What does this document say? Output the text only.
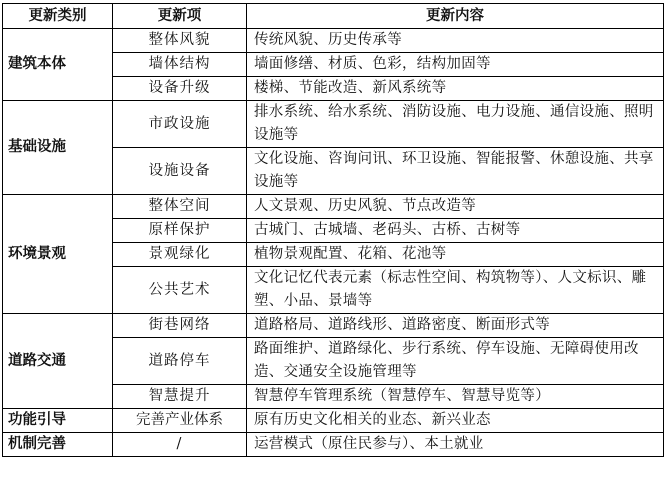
更新类别	更新项	更新内容
建筑本体	整体风貌	传统风貌、历史传承等
	墙体结构	墙面修缮、材质、色彩，结构加固等
	设备升级	楼梯、节能改造、新风系统等
基础设施	市政设施	排水系统、给水系统、消防设施、电力设施、通信设施、照明设施等
	设施设备	文化设施、咨询问讯、环卫设施、智能报警、休憩设施、共享设施等
环境景观	整体空间	人文景观、历史风貌、节点改造等
	原样保护	古城门、古城墙、老码头、古桥、古树等
	景观绿化	植物景观配置、花箱、花池等
	公共艺术	文化记忆代表元素（标志性空间、构筑物等）、人文标识、雕塑、小品、景墙等
道路交通	街巷网络	道路格局、道路线形、道路密度、断面形式等
	道路停车	路面维护、道路绿化、步行系统、停车设施、无障碍使用改造、交通安全设施管理等
	智慧提升	智慧停车管理系统（智慧停车、智慧导览等）
功能引导	完善产业体系	原有历史文化相关的业态、新兴业态
机制完善	/	运营模式（原住民参与）、本土就业
